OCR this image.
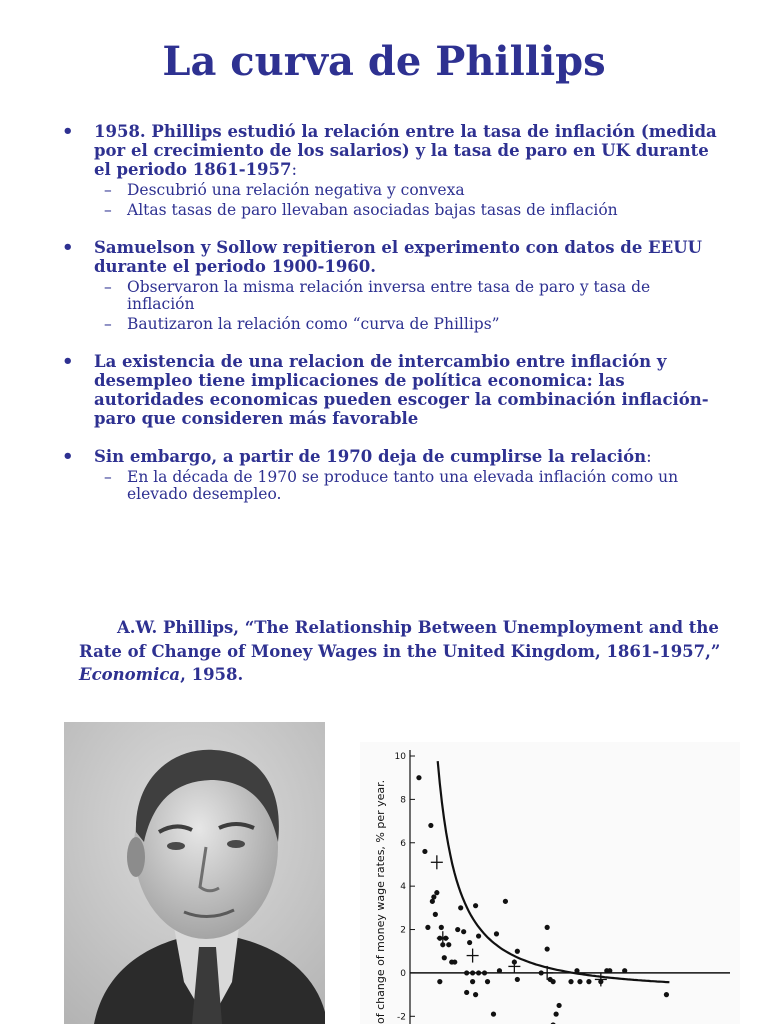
La curva de Phillips
• 1958. Phillips estudió la relación entre la tasa de inflación (medida por el crecimiento de los salarios) y la tasa de paro en UK durante el periodo 1861-1957:
– Descubrió una relación negativa y convexa
– Altas tasas de paro llevaban asociadas bajas tasas de inflación
• Samuelson y Sollow repitieron el experimento con datos de EEUU durante el periodo 1900-1960.
– Observaron la misma relación inversa entre tasa de paro y tasa de inflación
– Bautizaron la relación como “curva de Phillips”
• La existencia de una relacion de intercambio entre inflación y desempleo tiene implicaciones de política economica: las autoridades economicas pueden escoger la combinación inflación-paro que consideren más favorable
• Sin embargo, a partir de 1970 deja de cumplirse la relación:
– En la década de 1970 se produce tanto una elevada inflación como un elevado desempleo.
A.W. Phillips, “The Relationship Between Unemployment and the Rate of Change of Money Wages in the United Kingdom, 1861-1957,” Economica, 1958.
of change of money wage rates, % per year.
10
8
6
4
2
0
-2
